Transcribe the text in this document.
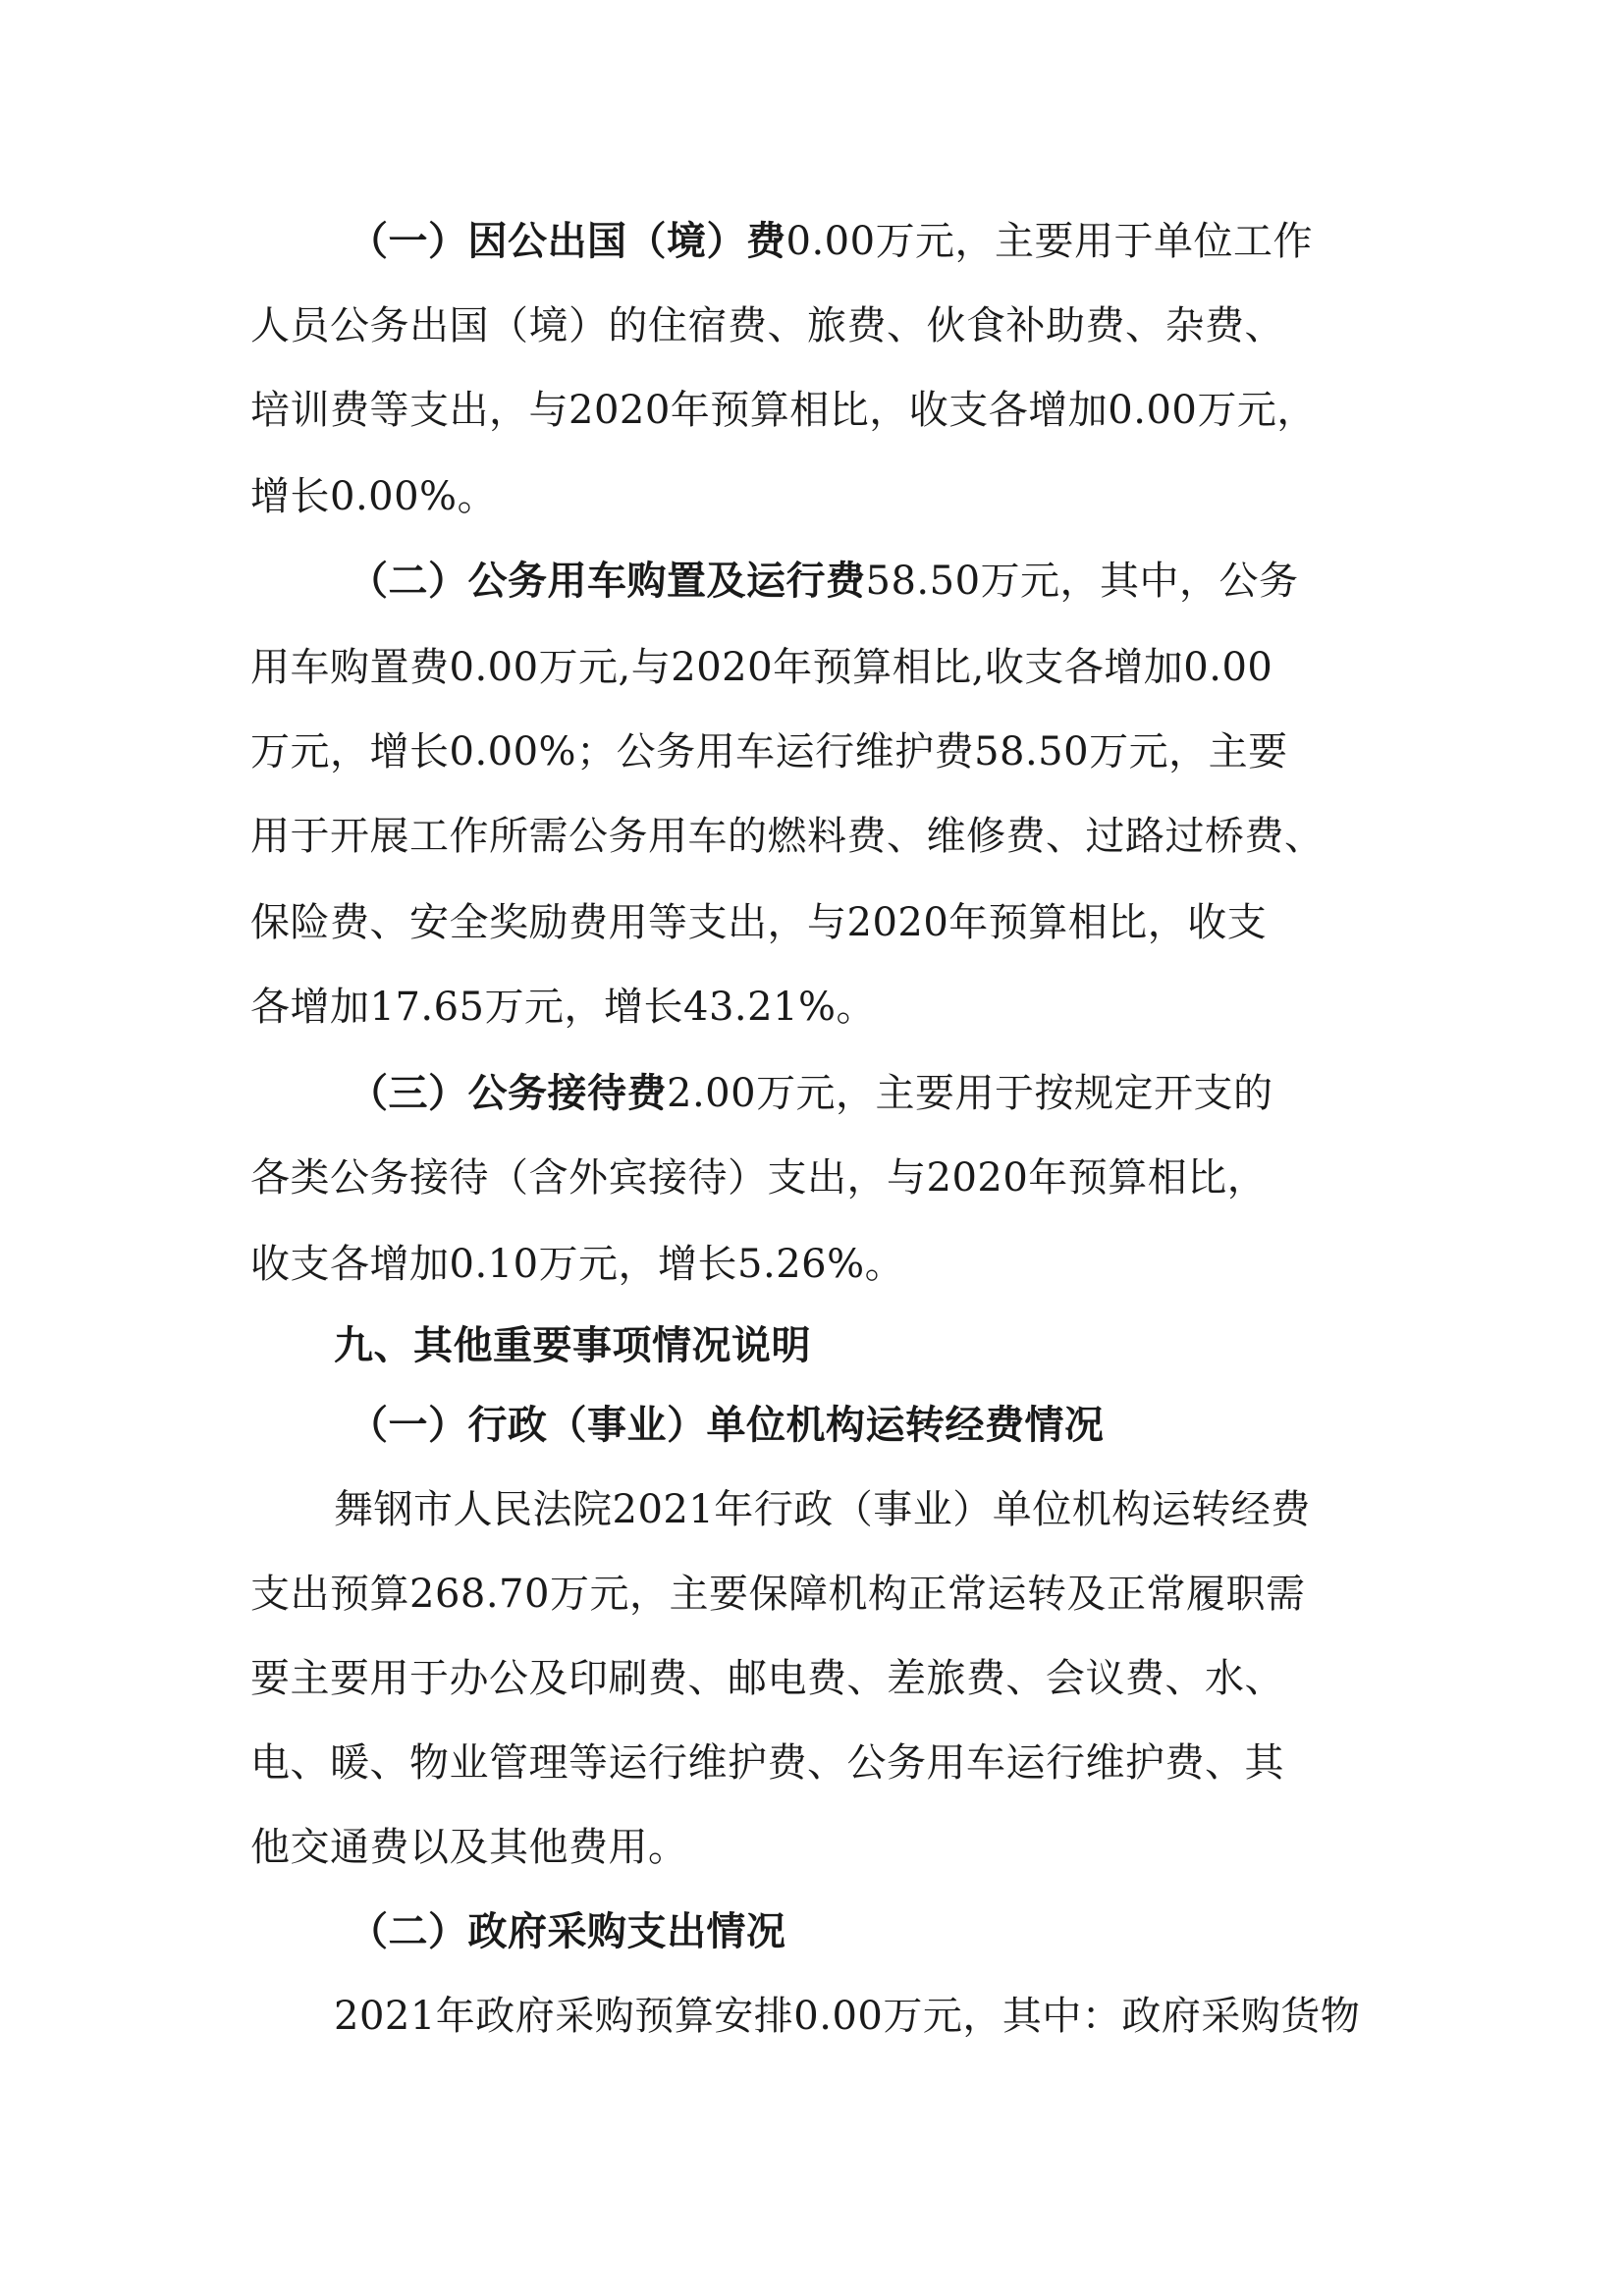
（一）因公出国（境）费0.00万元，主要用于单位工作
人员公务出国（境）的住宿费、旅费、伙食补助费、杂费、
培训费等支出，与2020年预算相比，收支各增加0.00万元，
增长0.00%。
（二）公务用车购置及运行费58.50万元，其中，公务
用车购置费0.00万元,与2020年预算相比,收支各增加0.00
万元，增长0.00%；公务用车运行维护费58.50万元，主要
用于开展工作所需公务用车的燃料费、维修费、过路过桥费、
保险费、安全奖励费用等支出，与2020年预算相比，收支
各增加17.65万元，增长43.21%。
（三）公务接待费2.00万元，主要用于按规定开支的
各类公务接待（含外宾接待）支出，与2020年预算相比，
收支各增加0.10万元，增长5.26%。
九、其他重要事项情况说明
（一）行政（事业）单位机构运转经费情况
舞钢市人民法院2021年行政（事业）单位机构运转经费
支出预算268.70万元，主要保障机构正常运转及正常履职需
要主要用于办公及印刷费、邮电费、差旅费、会议费、水、
电、暖、物业管理等运行维护费、公务用车运行维护费、其
他交通费以及其他费用。
（二）政府采购支出情况
2021年政府采购预算安排0.00万元，其中：政府采购货物
